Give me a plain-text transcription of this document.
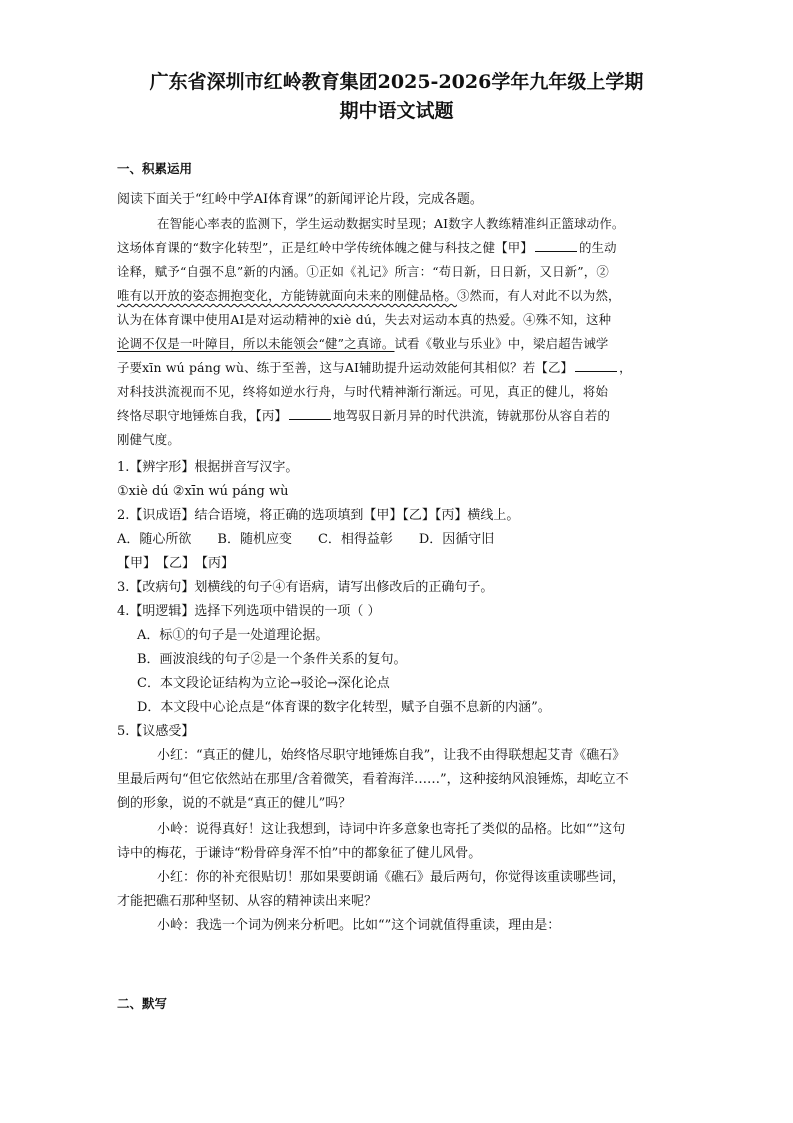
广东省深圳市红岭教育集团2025-2026学年九年级上学期
期中语文试题
一、积累运用
阅读下面关于“红岭中学AI体育课”的新闻评论片段，完成各题。
在智能心率表的监测下，学生运动数据实时呈现；AI数字人教练精准纠正篮球动作。
这场体育课的“数字化转型”，正是红岭中学传统体魄之健与科技之健【甲】	的生动
诠释，赋予“自强不息”新的内涵。①正如《礼记》所言：“苟日新，日日新，又日新”，②
唯有以开放的姿态拥抱变化，方能铸就面向未来的刚健品格。③然而，有人对此不以为然，
认为在体育课中使用AI是对运动精神的xiè dú，失去对运动本真的热爱。④殊不知，这种
论调不仅是一叶障目，所以未能领会“健”之真谛。试看《敬业与乐业》中，梁启超告诫学
子要xīn wú páng wù、练于至善，这与AI辅助提升运动效能何其相似？若【乙】	，
对科技洪流视而不见，终将如逆水行舟，与时代精神渐行渐远。可见，真正的健儿，将始
终恪尽职守地锤炼自我，【丙】	地驾驭日新月异的时代洪流，铸就那份从容自若的
刚健气度。
1.【辨字形】根据拼音写汉字。
①xiè dú ②xīn wú páng wù
2.【识成语】结合语境，将正确的选项填到【甲】【乙】【丙】横线上。
A．随心所欲　　B．随机应变　　C．相得益彰　　D．因循守旧
【甲】　【乙】　【丙】
3.【改病句】划横线的句子④有语病，请写出修改后的正确句子。
4.【明逻辑】选择下列选项中错误的一项（ ）
A．标①的句子是一处道理论据。
B．画波浪线的句子②是一个条件关系的复句。
C．本文段论证结构为立论→驳论→深化论点
D．本文段中心论点是“体育课的数字化转型，赋予自强不息新的内涵”。
5.【议感受】
小红：“真正的健儿，始终恪尽职守地锤炼自我”，让我不由得联想起艾青《礁石》
里最后两句“但它依然站在那里/含着微笑，看着海洋……”，这种接纳风浪锤炼，却屹立不
倒的形象，说的不就是“真正的健儿”吗？
小岭：说得真好！这让我想到，诗词中许多意象也寄托了类似的品格。比如“”这句
诗中的梅花，于谦诗“粉骨碎身浑不怕”中的都象征了健儿风骨。
小红：你的补充很贴切！那如果要朗诵《礁石》最后两句，你觉得该重读哪些词，
才能把礁石那种坚韧、从容的精神读出来呢？
小岭：我选一个词为例来分析吧。比如“”这个词就值得重读，理由是：
二、默写
